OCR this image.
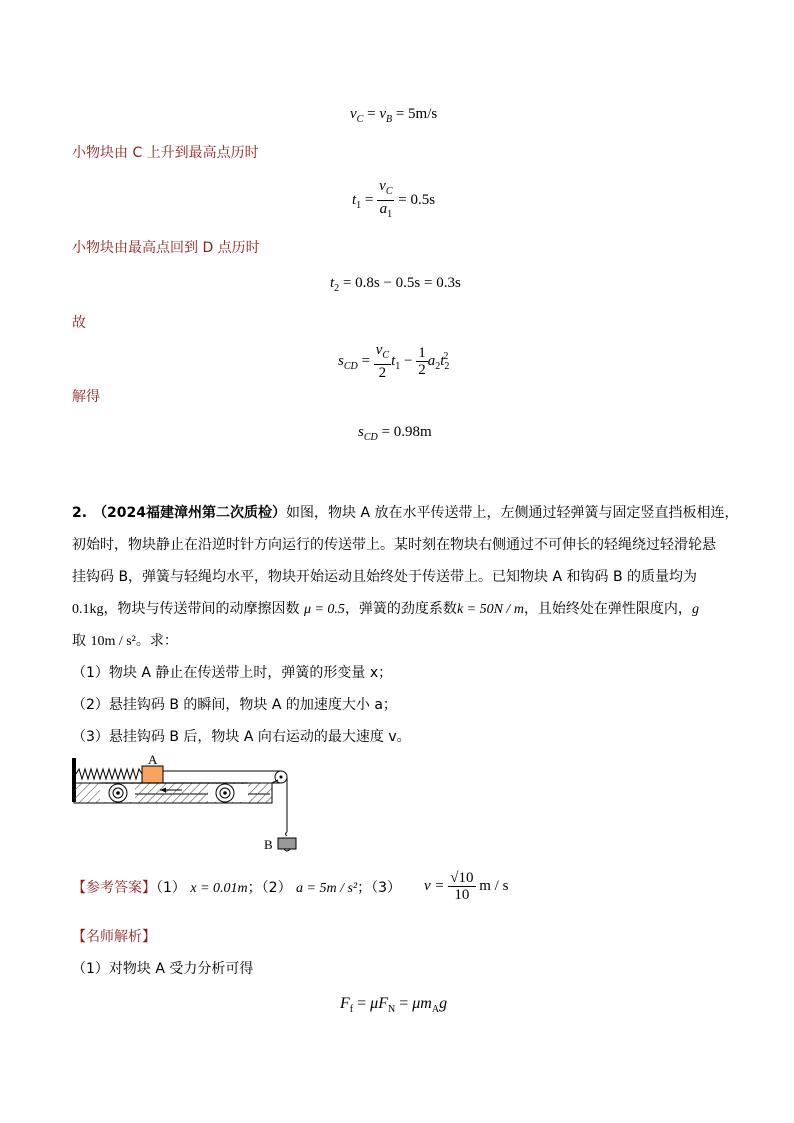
$v_C = v_B = 5m/s$
小物块由 C 上升到最高点历时
$t_1 = \frac{v_C}{a_1} = 0.5s$
小物块由最高点回到 D 点历时
$t_2 = 0.8s - 0.5s = 0.3s$
故
$s_{CD} = \frac{v_C}{2} t_1 - \frac{1}{2} a_2t_2^2$
解得
$s_{CD} = 0.98m$
2. （2024福建漳州第二次质检）如图，物块 A 放在水平传送带上，左侧通过轻弹簧与固定竖直挡板相连，
初始时，物块静止在沿逆时针方向运行的传送带上。某时刻在物块右侧通过不可伸长的轻绳绕过轻滑轮悬
挂钩码 B，弹簧与轻绳均水平，物块开始运动且始终处于传送带上。已知物块 A 和钩码 B 的质量均为
0.1kg，物块与传送带间的动摩擦因数 μ = 0.5，弹簧的劲度系数k = 50N / m，且始终处在弹性限度内，g
取 10m / s²。求：
（1）物块 A 静止在传送带上时，弹簧的形变量 x；
（2）悬挂钩码 B 的瞬间，物块 A 的加速度大小 a；
（3）悬挂钩码 B 后，物块 A 向右运动的最大速度 v。
A
B
【参考答案】（1） x = 0.01m；（2） a = 5m / s²；（3） $v = \frac{√10}{10}$ m / s
【名师解析】
（1）对物块 A 受力分析可得
$F_f = \mu F_N = \mu m_Ag$
